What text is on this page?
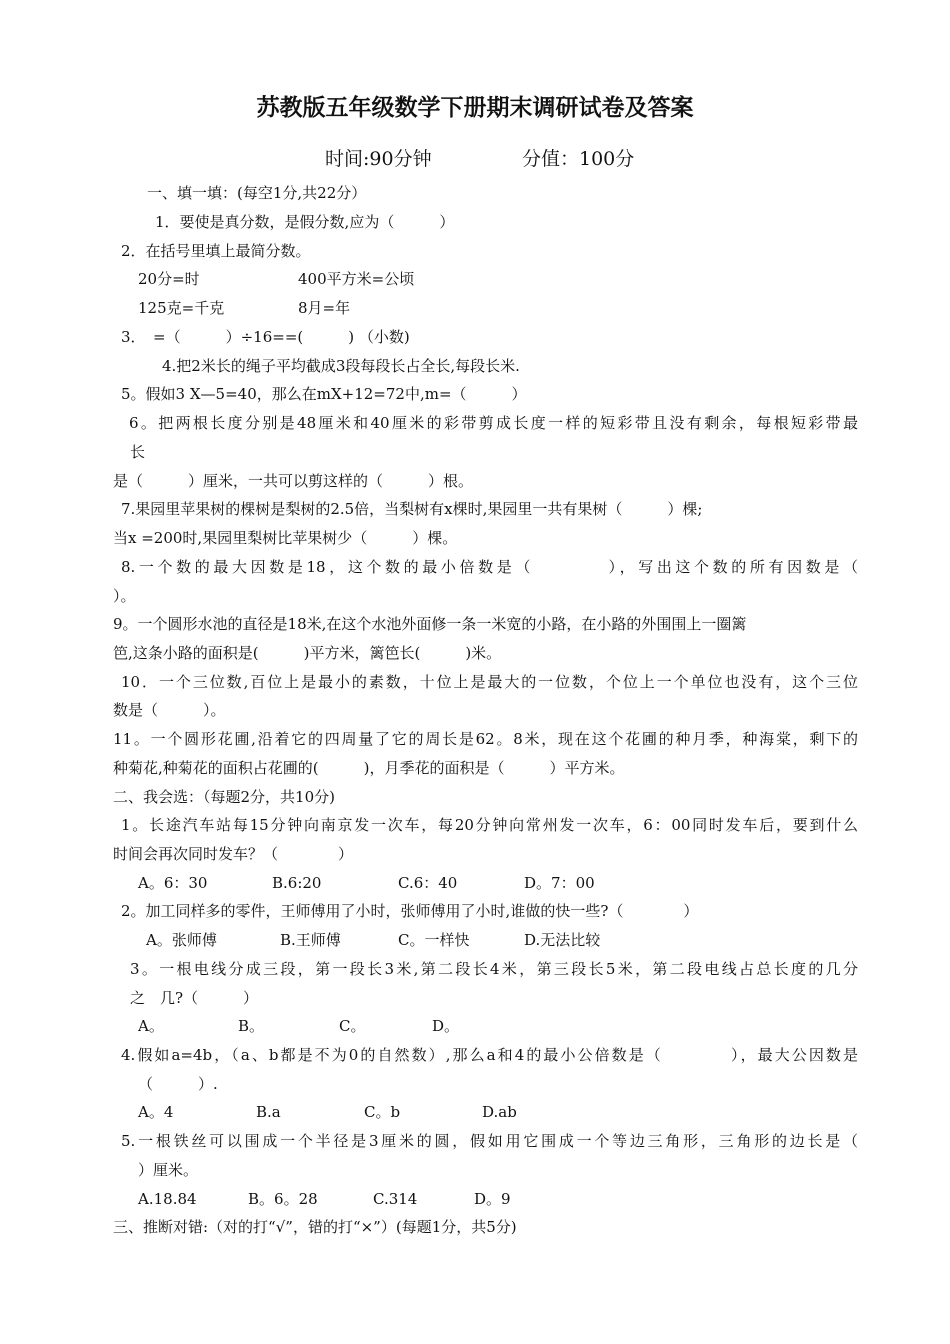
苏教版五年级数学下册期末调研试卷及答案
时间:90分钟	分值：100分
一、填一填：(每空1分,共22分）
1．要使是真分数，是假分数,应为（　　　）
2．在括号里填上最简分数。
20分=时	400平方米=公顷
125克=千克	8月=年
3．　=（　　　）÷16==(　　　) （小数)
4.把2米长的绳子平均截成3段每段长占全长,每段长米.
5。假如3 X—5=40，那么在mX+12=72中,m=（　　　）
6。把两根长度分别是48厘米和40厘米的彩带剪成长度一样的短彩带且没有剩余，每根短彩带最
长
是（　　　）厘米，一共可以剪这样的（　　　）根。
7.果园里苹果树的棵树是梨树的2.5倍，当梨树有x棵时,果园里一共有果树（　　　）棵;
当x =200时,果园里梨树比苹果树少（　　　）棵。
8.一个数的最大因数是18，这个数的最小倍数是（　　　　），写出这个数的所有因数是（
）。
9。一个圆形水池的直径是18米,在这个水池外面修一条一米宽的小路，在小路的外围围上一圈篱
笆,这条小路的面积是(　　　)平方米，篱笆长(　　　)米。
10．一个三位数,百位上是最小的素数，十位上是最大的一位数，个位上一个单位也没有，这个三位
数是（　　　）。
11。一个圆形花圃,沿着它的四周量了它的周长是62。8米，现在这个花圃的种月季，种海棠，剩下的
种菊花,种菊花的面积占花圃的(　　　)，月季花的面积是（　　　）平方米。
二、我会选：（每题2分，共10分)
1。长途汽车站每15分钟向南京发一次车，每20分钟向常州发一次车，6：00同时发车后，要到什么
时间会再次同时发车？（　　　　）
A。6：30	B.6:20	C.6：40	D。7：00
2。加工同样多的零件，王师傅用了小时，张师傅用了小时,谁做的快一些?（　　　　）
A。张师傅	B.王师傅	C。一样快	D.无法比较
3。一根电线分成三段，第一段长3米,第二段长4米，第三段长5米，第二段电线占总长度的几分
之　几?（　　　）
A。	B。	C。	D。
4.假如a=4b，（a、b都是不为0的自然数）,那么a和4的最小公倍数是（　　　　），最大公因数是
（　　　）.
A。4	B.a	C。b	D.ab
5.一根铁丝可以围成一个半径是3厘米的圆，假如用它围成一个等边三角形，三角形的边长是（
）厘米。
A.18.84	B。6。28	C.314	D。9
三、推断对错:（对的打“√”，错的打“×”）(每题1分，共5分)
